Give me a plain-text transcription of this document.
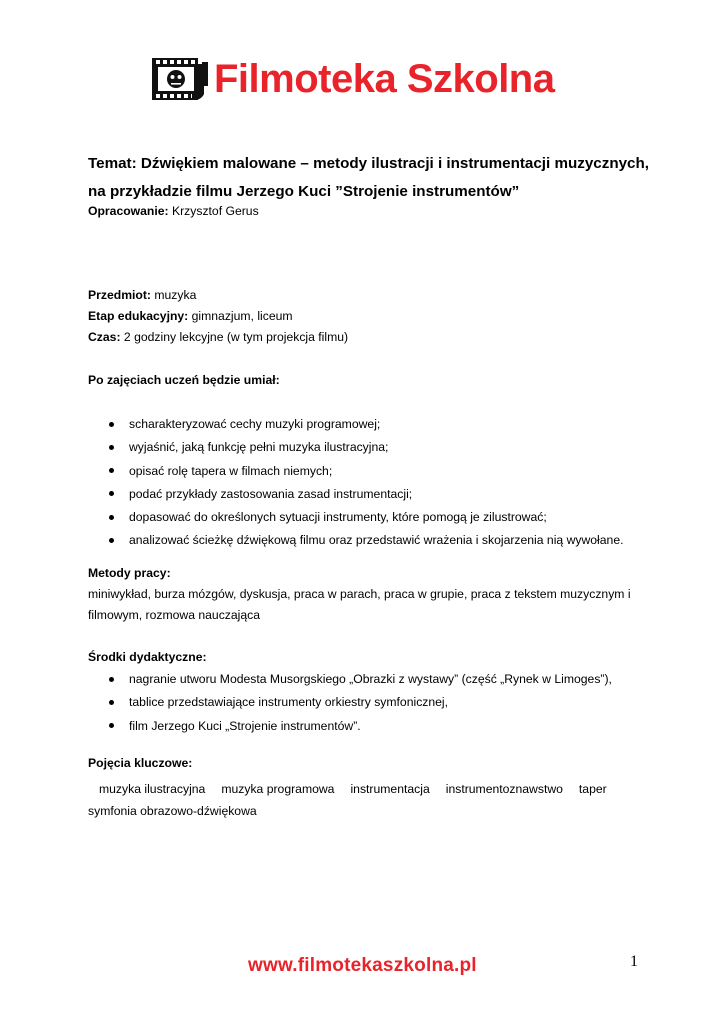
Filmoteka Szkolna
Temat: Dźwiękiem malowane – metody ilustracji i instrumentacji muzycznych,
na przykładzie filmu Jerzego Kuci ”Strojenie instrumentów”
Opracowanie: Krzysztof Gerus
Przedmiot: muzyka
Etap edukacyjny: gimnazjum, liceum
Czas: 2 godziny lekcyjne (w tym projekcja filmu)
Po zajęciach uczeń będzie umiał:
scharakteryzować cechy muzyki programowej;
wyjaśnić, jaką funkcję pełni muzyka ilustracyjna;
opisać rolę tapera w filmach niemych;
podać przykłady zastosowania zasad instrumentacji;
dopasować do określonych sytuacji instrumenty, które pomogą je zilustrować;
analizować ścieżkę dźwiękową filmu oraz przedstawić wrażenia i skojarzenia nią wywołane.
Metody pracy:
miniwykład, burza mózgów, dyskusja, praca w parach, praca w grupie, praca z tekstem muzycznym i
filmowym, rozmowa nauczająca
Środki dydaktyczne:
nagranie utworu Modesta Musorgskiego „Obrazki z wystawy” (część „Rynek w Limoges”),
tablice przedstawiające instrumenty orkiestry symfonicznej,
film Jerzego Kuci „Strojenie instrumentów”.
Pojęcia kluczowe:
muzyka ilustracyjna muzyka programowa instrumentacja instrumentoznawstwo taper
symfonia obrazowo-dźwiękowa
www.filmotekaszkolna.pl	1
